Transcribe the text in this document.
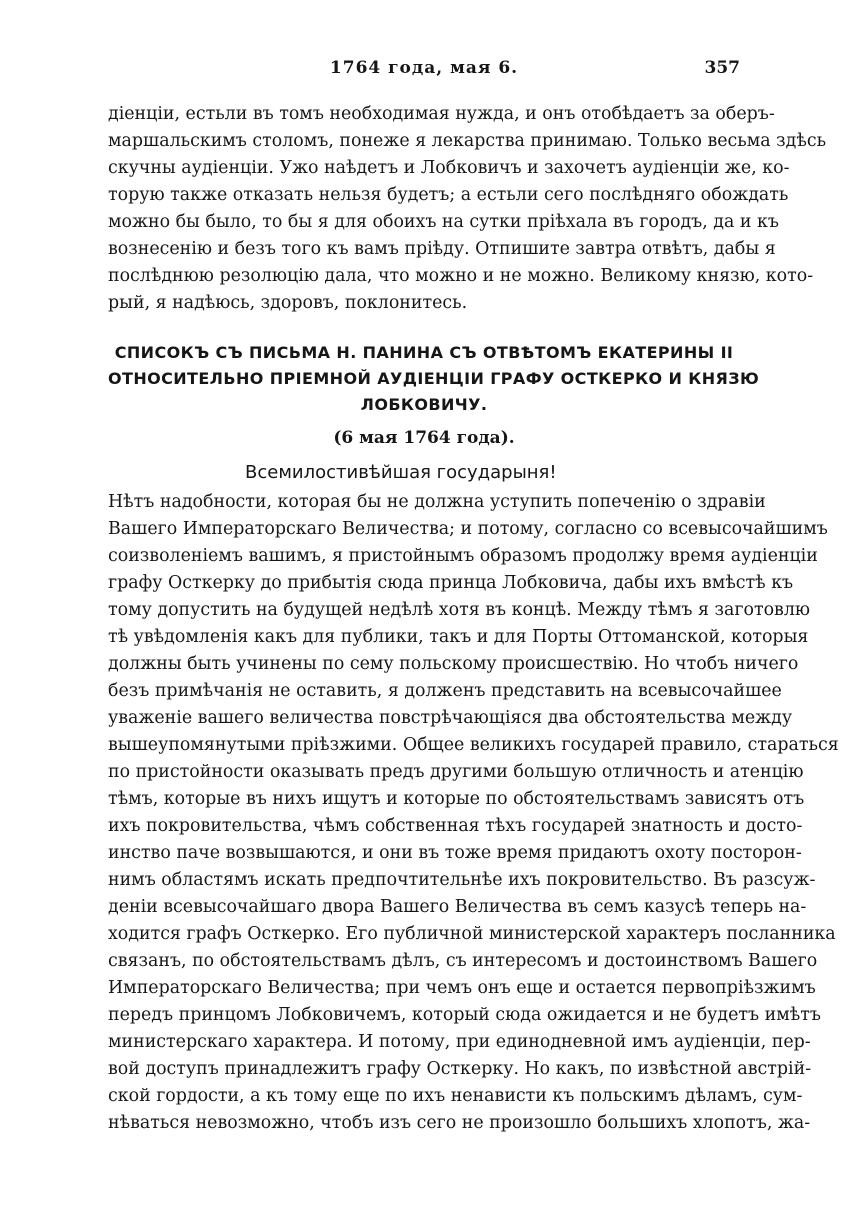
1764 года, мая 6.	357
діенціи, естьли въ томъ необходимая нужда, и онъ отобѣдаетъ за оберъ-
маршальскимъ столомъ, понеже я лекарства принимаю. Только весьма здѣсь
скучны аудіенціи. Ужо наѣдетъ и Лобковичъ и захочетъ аудіенціи же, ко-
торую также отказать нельзя будетъ; а естьли сего послѣдняго обождать
можно бы было, то бы я для обоихъ на сутки пріѣхала въ городъ, да и къ
вознесенію и безъ того къ вамъ пріѣду. Отпишите завтра отвѣтъ, дабы я
послѣднюю резолюцію дала, что можно и не можно. Великому князю, кото-
рый, я надѣюсь, здоровъ, поклонитесь.
СПИСОКЪ СЪ ПИСЬМА Н. ПАНИНА СЪ ОТВѢТОМЪ ЕКАТЕРИНЫ II
ОТНОСИТЕЛЬНО ПРІЕМНОЙ АУДІЕНЦІИ ГРАФУ ОСТКЕРКО И КНЯЗЮ
ЛОБКОВИЧУ.
(6 мая 1764 года).
Всемилостивѣйшая государыня!
Нѣтъ надобности, которая бы не должна уступить попеченію о здравіи
Вашего Императорскаго Величества; и потому, согласно со всевысочайшимъ
соизволеніемъ вашимъ, я пристойнымъ образомъ продолжу время аудіенціи
графу Осткерку до прибытія сюда принца Лобковича, дабы ихъ вмѣстѣ къ
тому допустить на будущей недѣлѣ хотя въ концѣ. Между тѣмъ я заготовлю
тѣ увѣдомленія какъ для публики, такъ и для Порты Оттоманской, которыя
должны быть учинены по сему польскому происшествію. Но чтобъ ничего
безъ примѣчанія не оставить, я долженъ представить на всевысочайшее
уваженіе вашего величества повстрѣчающіяся два обстоятельства между
вышеупомянутыми пріѣзжими. Общее великихъ государей правило, стараться
по пристойности оказывать предъ другими большую отличность и атенцію
тѣмъ, которые въ нихъ ищутъ и которые по обстоятельствамъ зависятъ отъ
ихъ покровительства, чѣмъ собственная тѣхъ государей знатность и досто-
инство паче возвышаются, и они въ тоже время придаютъ охоту посторон-
нимъ областямъ искать предпочтительнѣе ихъ покровительство. Въ разсуж-
деніи всевысочайшаго двора Вашего Величества въ семъ казусѣ теперь на-
ходится графъ Осткерко. Его публичной министерской характеръ посланника
связанъ, по обстоятельствамъ дѣлъ, съ интересомъ и достоинствомъ Вашего
Императорскаго Величества; при чемъ онъ еще и остается первопріѣзжимъ
передъ принцомъ Лобковичемъ, который сюда ожидается и не будетъ имѣтъ
министерскаго характера. И потому, при единодневной имъ аудіенціи, пер-
вой доступъ принадлежитъ графу Осткерку. Но какъ, по извѣстной австрій-
ской гордости, а къ тому еще по ихъ ненависти къ польскимъ дѣламъ, сум-
нѣваться невозможно, чтобъ изъ сего не произошло большихъ хлопотъ, жа-
